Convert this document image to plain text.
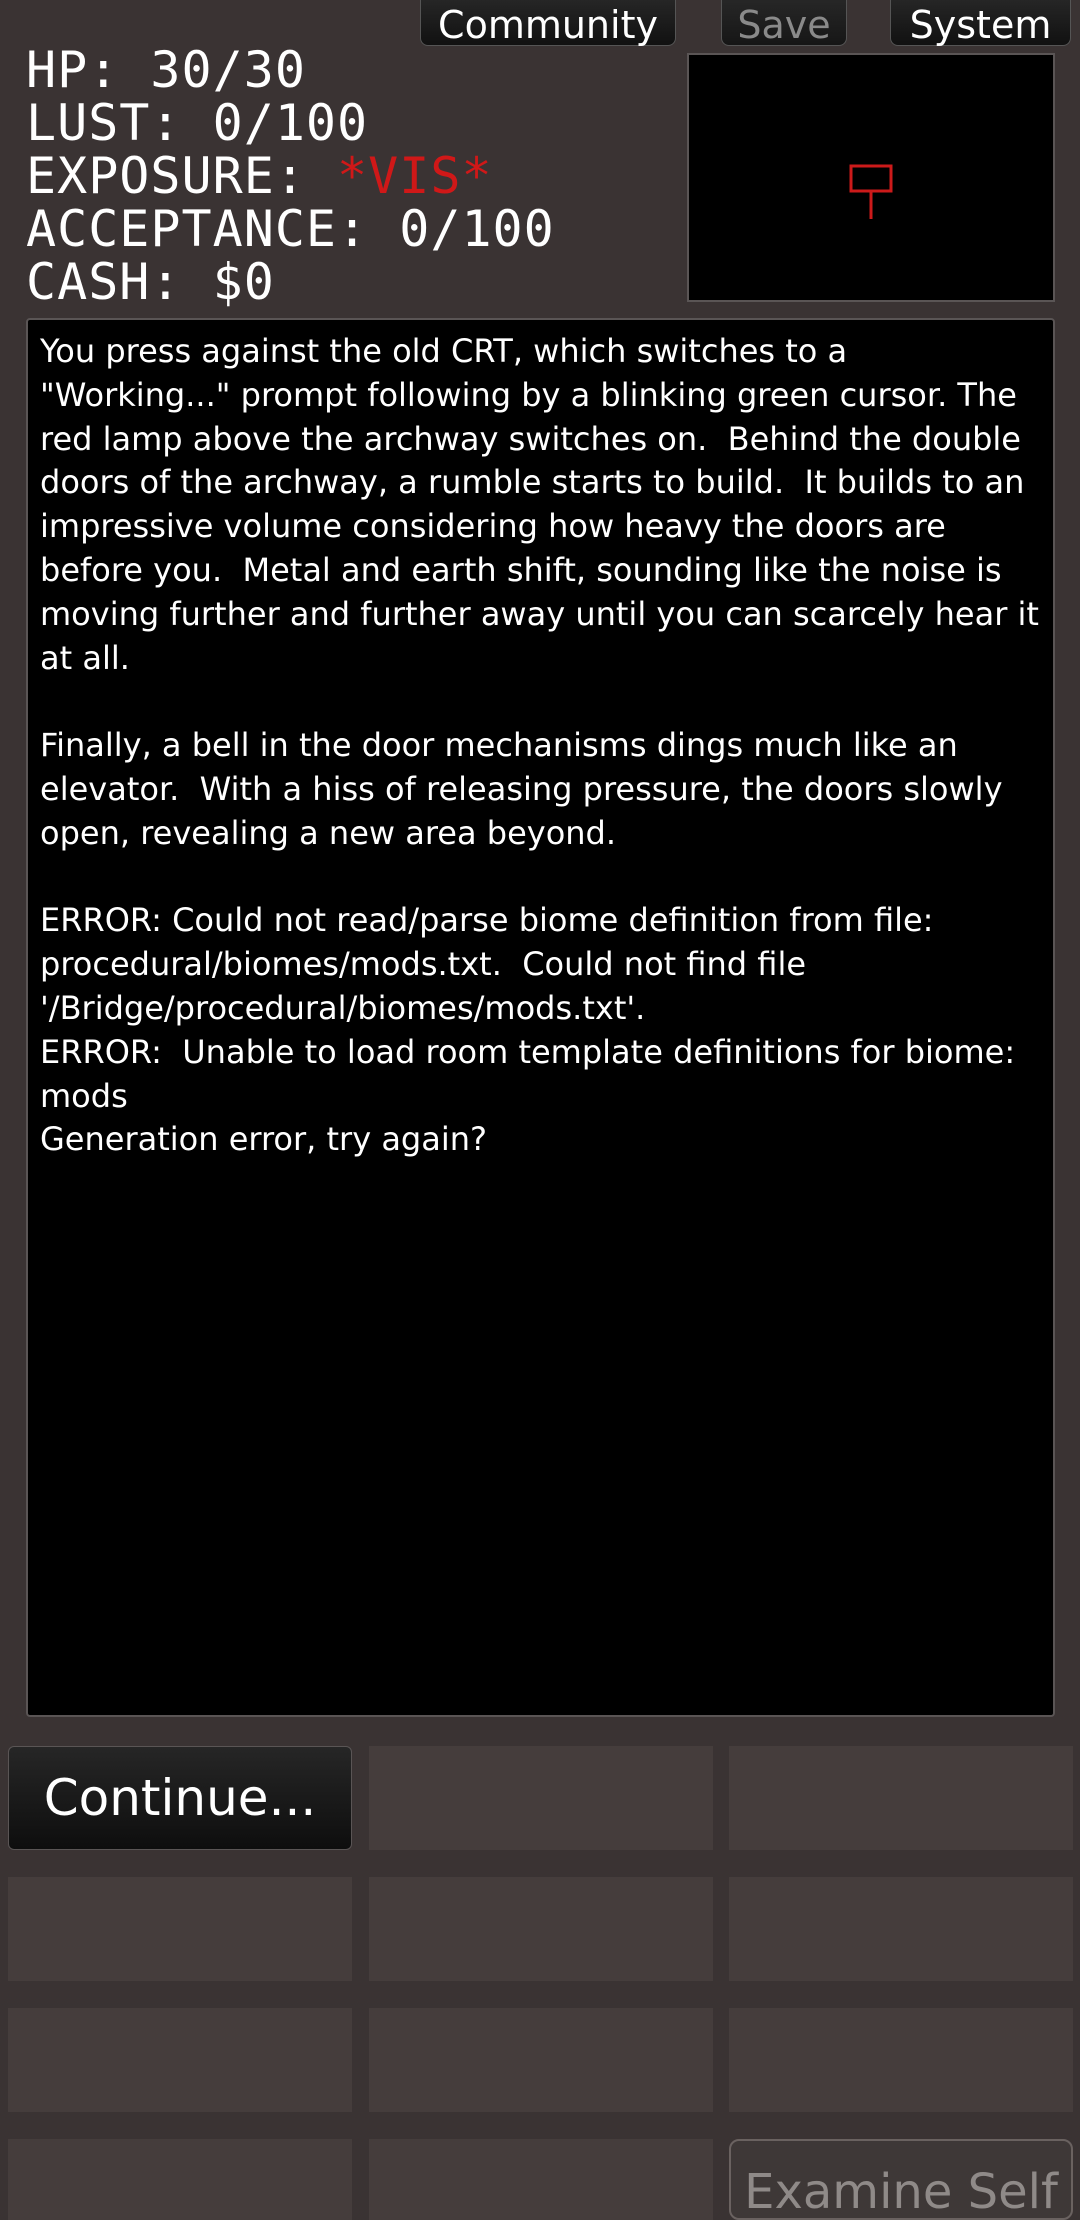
Community	Save	System
HP: 30/30
LUST: 0/100
EXPOSURE: *VIS*
ACCEPTANCE: 0/100
CASH: $0

You press against the old CRT, which switches to a "Working..." prompt following by a blinking green cursor. The red lamp above the archway switches on.  Behind the double doors of the archway, a rumble starts to build.  It builds to an impressive volume considering how heavy the doors are before you.  Metal and earth shift, sounding like the noise is moving further and further away until you can scarcely hear it at all.

Finally, a bell in the door mechanisms dings much like an elevator.  With a hiss of releasing pressure, the doors slowly open, revealing a new area beyond.

ERROR: Could not read/parse biome definition from file: procedural/biomes/mods.txt.  Could not find file '/Bridge/procedural/biomes/mods.txt'.

ERROR:  Unable to load room template definitions for biome: mods

Generation error, try again?

Continue...
Examine Self
